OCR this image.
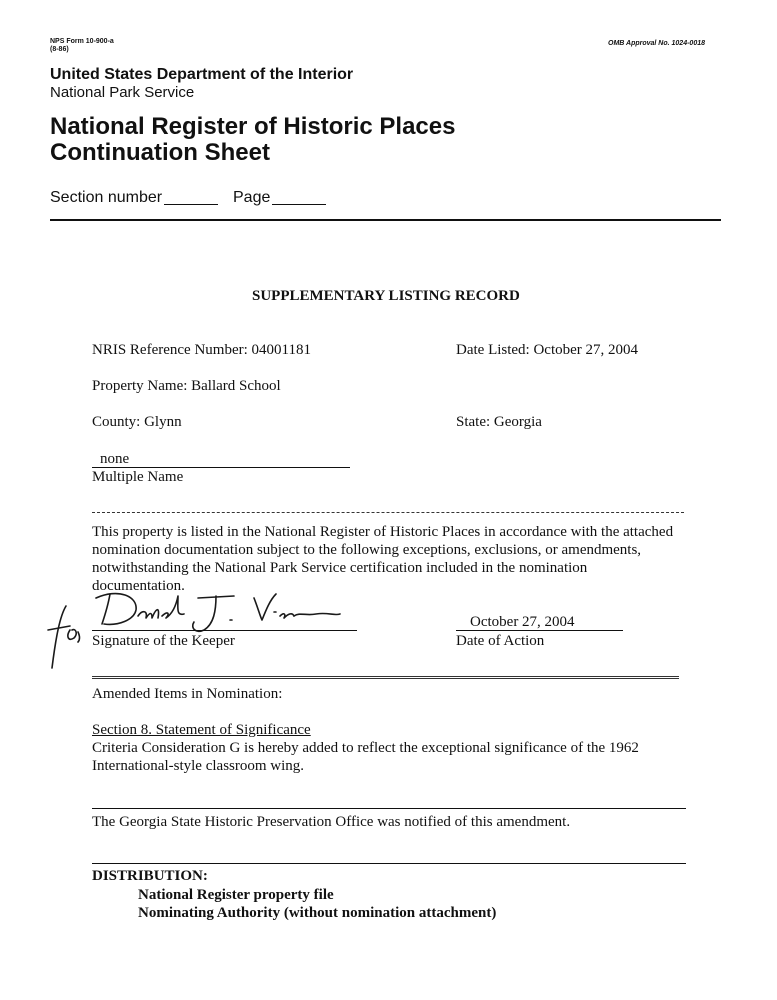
NPS Form 10-900-a
(8-86)
OMB Approval No. 1024-0018
United States Department of the Interior
National Park Service
National Register of Historic Places
Continuation Sheet
Section number	Page
SUPPLEMENTARY LISTING RECORD
NRIS Reference Number: 04001181	Date Listed: October 27, 2004
Property Name: Ballard School
County: Glynn	State: Georgia
none
Multiple Name
This property is listed in the National Register of Historic Places in accordance with the attached
nomination documentation subject to the following exceptions, exclusions, or amendments,
notwithstanding the National Park Service certification included in the nomination
documentation.
Signature of the Keeper
October 27, 2004
Date of Action
Amended Items in Nomination:
Section 8. Statement of Significance
Criteria Consideration G is hereby added to reflect the exceptional significance of the 1962
International-style classroom wing.
The Georgia State Historic Preservation Office was notified of this amendment.
DISTRIBUTION:
National Register property file
Nominating Authority (without nomination attachment)
